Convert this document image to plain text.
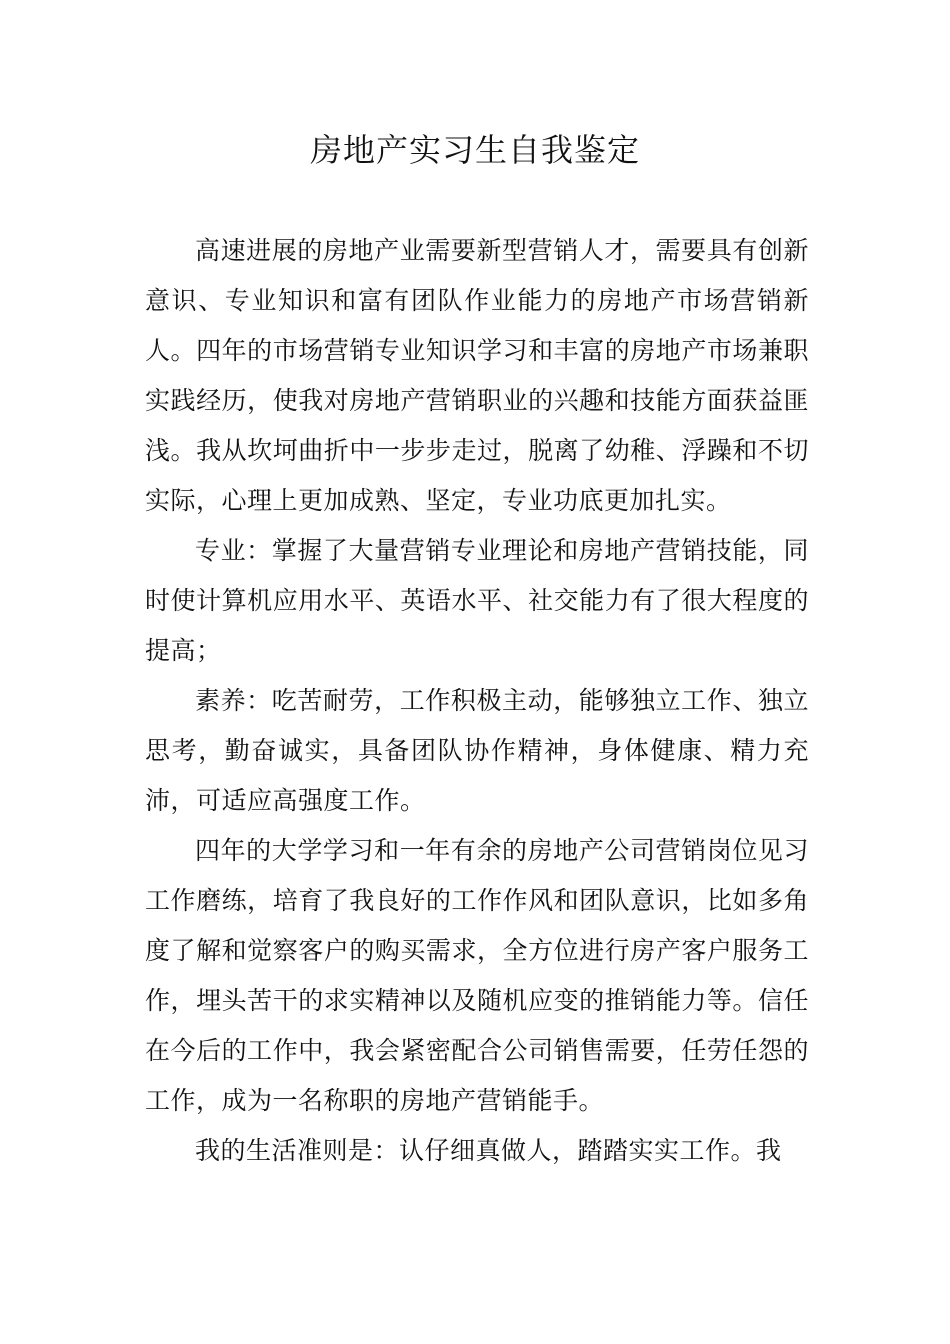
房地产实习生自我鉴定

高速进展的房地产业需要新型营销人才，需要具有创新意识、专业知识和富有团队作业能力的房地产市场营销新人。四年的市场营销专业知识学习和丰富的房地产市场兼职实践经历，使我对房地产营销职业的兴趣和技能方面获益匪浅。我从坎坷曲折中一步步走过，脱离了幼稚、浮躁和不切实际，心理上更加成熟、坚定，专业功底更加扎实。

专业：掌握了大量营销专业理论和房地产营销技能，同时使计算机应用水平、英语水平、社交能力有了很大程度的提高；

素养：吃苦耐劳，工作积极主动，能够独立工作、独立思考，勤奋诚实，具备团队协作精神，身体健康、精力充沛，可适应高强度工作。

四年的大学学习和一年有余的房地产公司营销岗位见习工作磨练，培育了我良好的工作作风和团队意识，比如多角度了解和觉察客户的购买需求，全方位进行房产客户服务工作，埋头苦干的求实精神以及随机应变的推销能力等。信任在今后的工作中，我会紧密配合公司销售需要，任劳任怨的工作，成为一名称职的房地产营销能手。

我的生活准则是：认仔细真做人，踏踏实实工作。我
